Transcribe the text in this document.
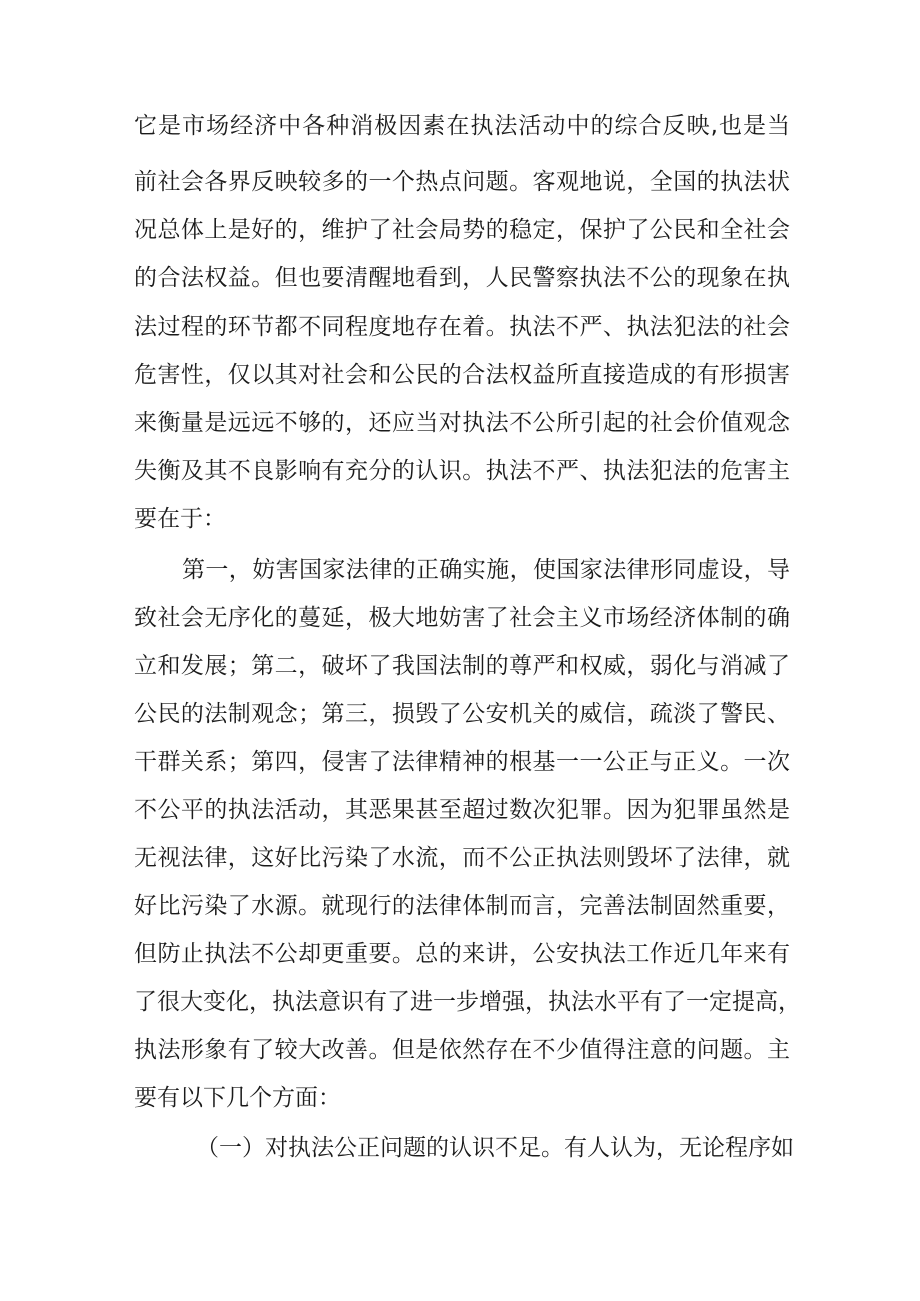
它是市场经济中各种消极因素在执法活动中的综合反映,也是当
前社会各界反映较多的一个热点问题。客观地说，全国的执法状
况总体上是好的，维护了社会局势的稳定，保护了公民和全社会
的合法权益。但也要清醒地看到，人民警察执法不公的现象在执
法过程的环节都不同程度地存在着。执法不严、执法犯法的社会
危害性，仅以其对社会和公民的合法权益所直接造成的有形损害
来衡量是远远不够的，还应当对执法不公所引起的社会价值观念
失衡及其不良影响有充分的认识。执法不严、执法犯法的危害主
要在于：
第一，妨害国家法律的正确实施，使国家法律形同虚设，导
致社会无序化的蔓延，极大地妨害了社会主义市场经济体制的确
立和发展；第二，破坏了我国法制的尊严和权威，弱化与消减了
公民的法制观念；第三，损毁了公安机关的威信，疏淡了警民、
干群关系；第四，侵害了法律精神的根基一一公正与正义。一次
不公平的执法活动，其恶果甚至超过数次犯罪。因为犯罪虽然是
无视法律，这好比污染了水流，而不公正执法则毁坏了法律，就
好比污染了水源。就现行的法律体制而言，完善法制固然重要，
但防止执法不公却更重要。总的来讲，公安执法工作近几年来有
了很大变化，执法意识有了进一步增强，执法水平有了一定提高，
执法形象有了较大改善。但是依然存在不少值得注意的问题。主
要有以下几个方面：
（一）对执法公正问题的认识不足。有人认为，无论程序如
